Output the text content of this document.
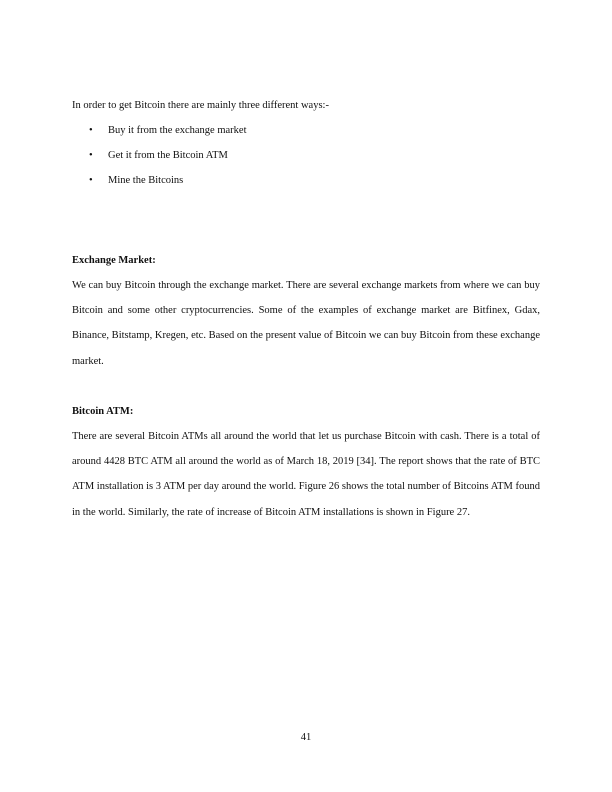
In order to get Bitcoin there are mainly three different ways:-

• Buy it from the exchange market
• Get it from the Bitcoin ATM
• Mine the Bitcoins
Exchange Market:

We can buy Bitcoin through the exchange market. There are several exchange markets from where we can buy Bitcoin and some other cryptocurrencies. Some of the examples of exchange market are Bitfinex, Gdax, Binance, Bitstamp, Kregen, etc. Based on the present value of Bitcoin we can buy Bitcoin from these exchange market.

Bitcoin ATM:

There are several Bitcoin ATMs all around the world that let us purchase Bitcoin with cash. There is a total of around 4428 BTC ATM all around the world as of March 18, 2019 [34]. The report shows that the rate of BTC ATM installation is 3 ATM per day around the world. Figure 26 shows the total number of Bitcoins ATM found in the world. Similarly, the rate of increase of Bitcoin ATM installations is shown in Figure 27.

41
